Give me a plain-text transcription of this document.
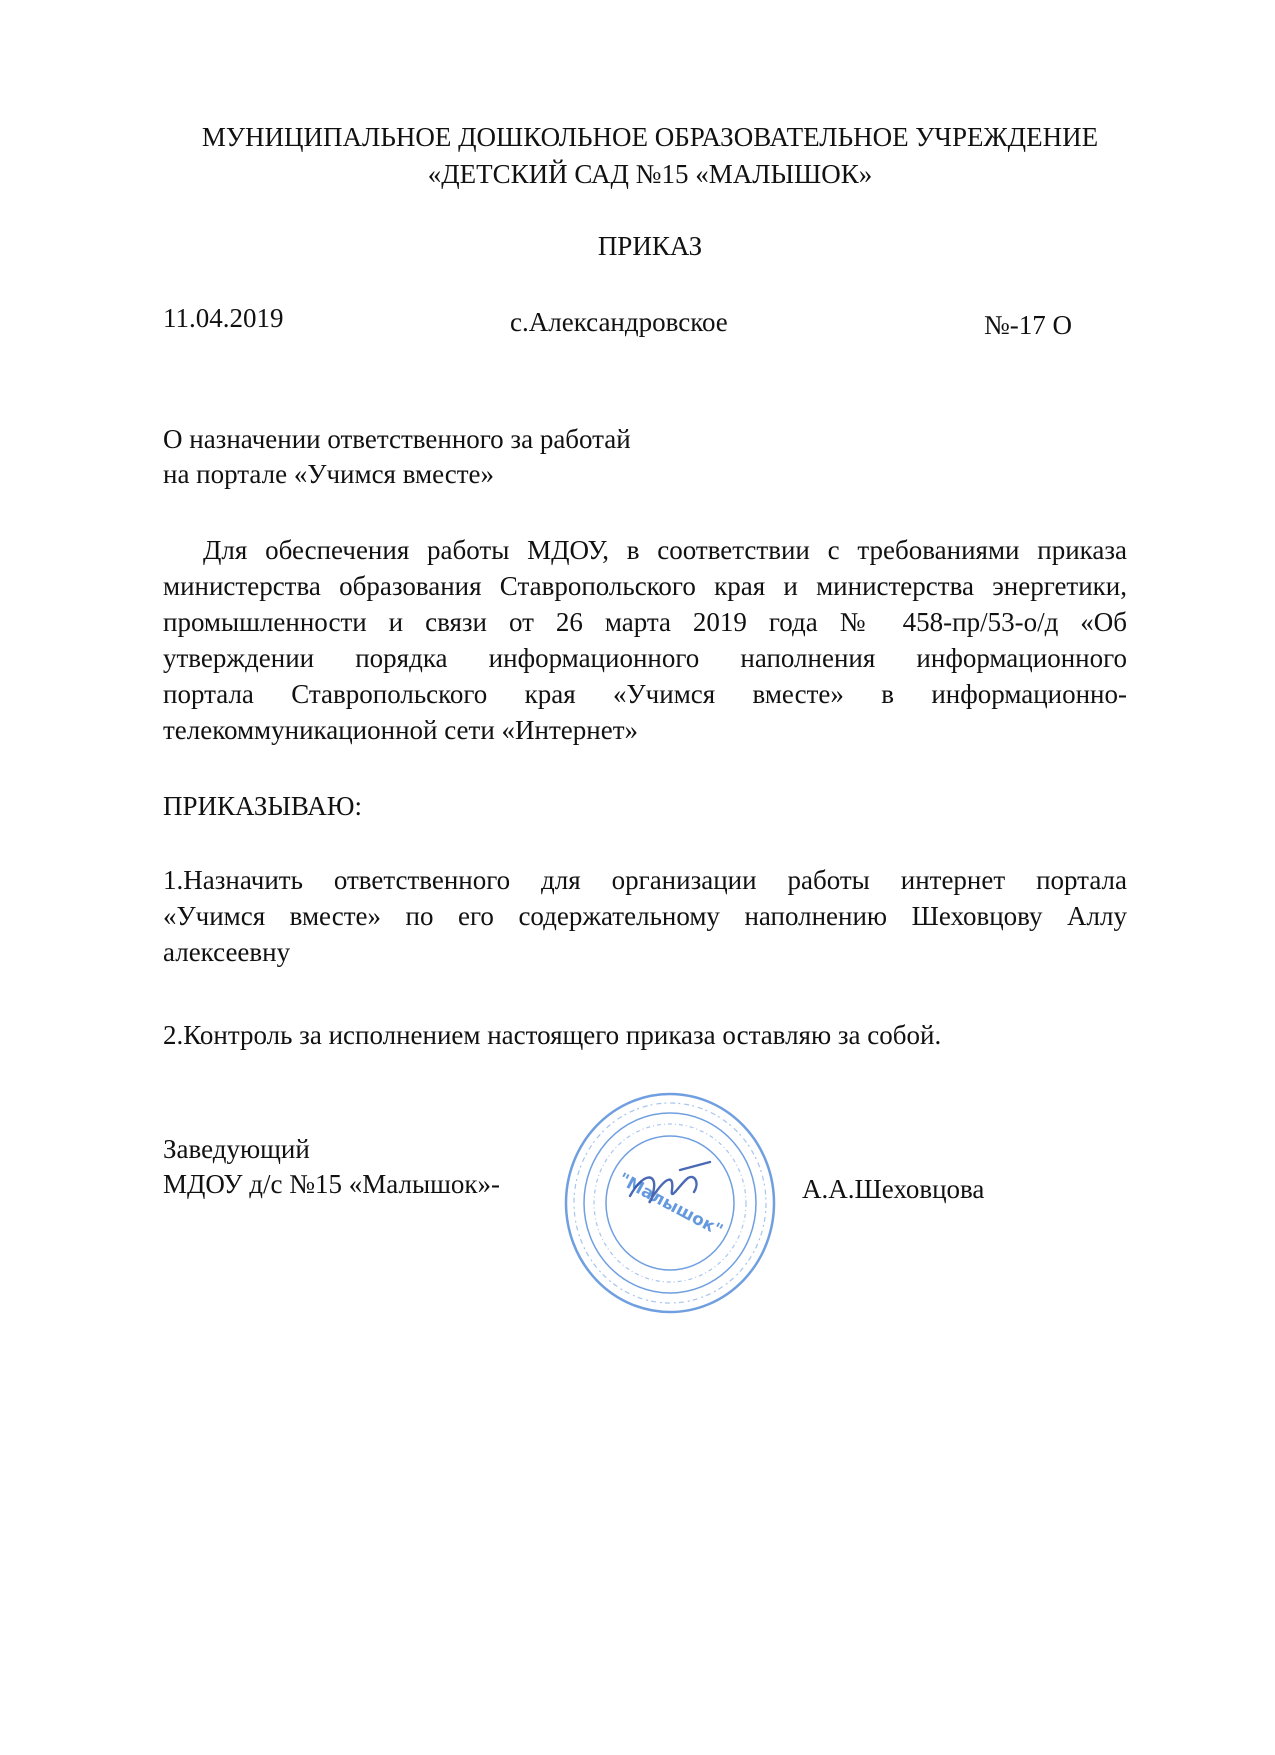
МУНИЦИПАЛЬНОЕ ДОШКОЛЬНОЕ ОБРАЗОВАТЕЛЬНОЕ УЧРЕЖДЕНИЕ
«ДЕТСКИЙ САД №15 «МАЛЫШОК»
ПРИКАЗ
11.04.2019	с.Александровское	№-17 О
О назначении ответственного за работай
на портале «Учимся вместе»
Для обеспечения работы МДОУ, в соответствии с требованиями приказа
министерства образования Ставропольского края и министерства энергетики,
промышленности и связи от 26 марта 2019 года № 458-пр/53-о/д «Об
утверждении порядка информационного наполнения информационного
портала Ставропольского края «Учимся вместе» в информационно-
телекоммуникационной сети «Интернет»
ПРИКАЗЫВАЮ:
1.Назначить ответственного для организации работы интернет портала
«Учимся вместе» по его содержательному наполнению Шеховцову Аллу
алексеевну
2.Контроль за исполнением настоящего приказа оставляю за собой.
Заведующий
МДОУ д/с №15 «Малышок»-	А.А.Шеховцова
"Малышок"
